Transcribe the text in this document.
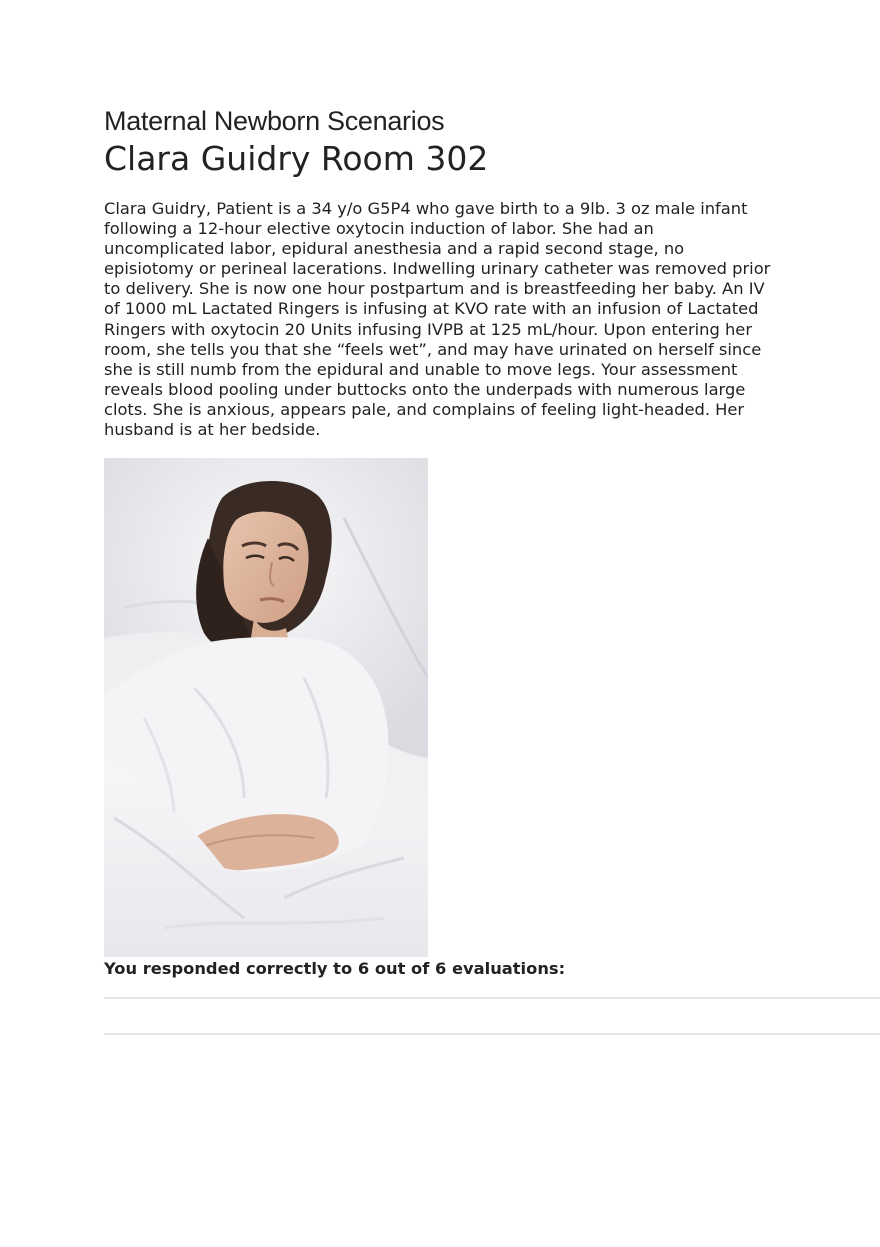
Maternal Newborn Scenarios
Clara Guidry Room 302

Clara Guidry, Patient is a 34 y/o G5P4 who gave birth to a 9lb. 3 oz male infant following a 12-hour elective oxytocin induction of labor. She had an uncomplicated labor, epidural anesthesia and a rapid second stage, no episiotomy or perineal lacerations. Indwelling urinary catheter was removed prior to delivery. She is now one hour postpartum and is breastfeeding her baby. An IV of 1000 mL Lactated Ringers is infusing at KVO rate with an infusion of Lactated Ringers with oxytocin 20 Units infusing IVPB at 125 mL/hour. Upon entering her room, she tells you that she “feels wet”, and may have urinated on herself since she is still numb from the epidural and unable to move legs. Your assessment reveals blood pooling under buttocks onto the underpads with numerous large clots. She is anxious, appears pale, and complains of feeling light-headed. Her husband is at her bedside.

You responded correctly to 6 out of 6 evaluations:
